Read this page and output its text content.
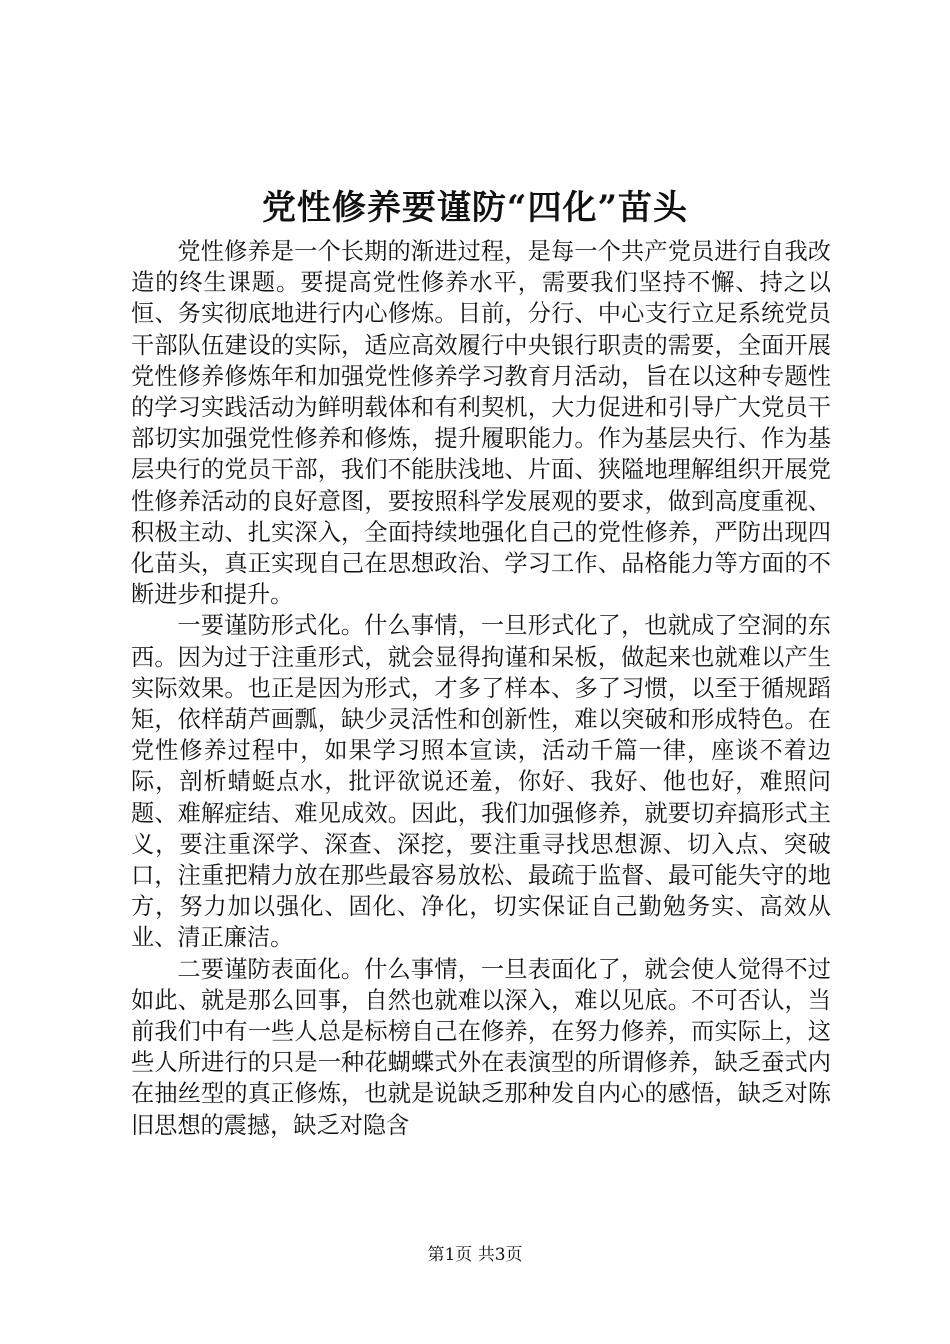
党性修养要谨防“四化”苗头

党性修养是一个长期的渐进过程，是每一个共产党员进行自我改造的终生课题。要提高党性修养水平，需要我们坚持不懈、持之以恒、务实彻底地进行内心修炼。目前，分行、中心支行立足系统党员干部队伍建设的实际，适应高效履行中央银行职责的需要，全面开展党性修养修炼年和加强党性修养学习教育月活动，旨在以这种专题性的学习实践活动为鲜明载体和有利契机，大力促进和引导广大党员干部切实加强党性修养和修炼，提升履职能力。作为基层央行、作为基层央行的党员干部，我们不能肤浅地、片面、狭隘地理解组织开展党性修养活动的良好意图，要按照科学发展观的要求，做到高度重视、积极主动、扎实深入，全面持续地强化自己的党性修养，严防出现四化苗头，真正实现自己在思想政治、学习工作、品格能力等方面的不断进步和提升。

一要谨防形式化。什么事情，一旦形式化了，也就成了空洞的东西。因为过于注重形式，就会显得拘谨和呆板，做起来也就难以产生实际效果。也正是因为形式，才多了样本、多了习惯，以至于循规蹈矩，依样葫芦画瓢，缺少灵活性和创新性，难以突破和形成特色。在党性修养过程中，如果学习照本宣读，活动千篇一律，座谈不着边际，剖析蜻蜓点水，批评欲说还羞，你好、我好、他也好，难照问题、难解症结、难见成效。因此，我们加强修养，就要切弃搞形式主义，要注重深学、深查、深挖，要注重寻找思想源、切入点、突破口，注重把精力放在那些最容易放松、最疏于监督、最可能失守的地方，努力加以强化、固化、净化，切实保证自己勤勉务实、高效从业、清正廉洁。

二要谨防表面化。什么事情，一旦表面化了，就会使人觉得不过如此、就是那么回事，自然也就难以深入，难以见底。不可否认，当前我们中有一些人总是标榜自己在修养，在努力修养，而实际上，这些人所进行的只是一种花蝴蝶式外在表演型的所谓修养，缺乏蚕式内在抽丝型的真正修炼，也就是说缺乏那种发自内心的感悟，缺乏对陈旧思想的震撼，缺乏对隐含

第1页 共3页
